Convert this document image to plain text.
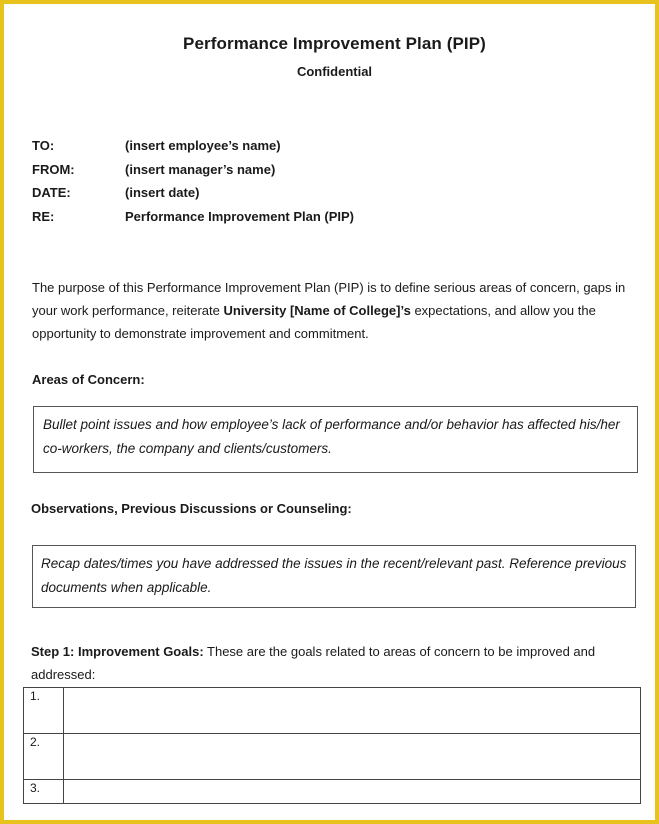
Performance Improvement Plan (PIP)
Confidential
TO:	(insert employee’s name)
FROM:	(insert manager’s name)
DATE:	(insert date)
RE:	Performance Improvement Plan (PIP)
The purpose of this Performance Improvement Plan (PIP) is to define serious areas of concern, gaps in your work performance, reiterate University [Name of College]’s expectations, and allow you the opportunity to demonstrate improvement and commitment.
Areas of Concern:
Bullet point issues and how employee’s lack of performance and/or behavior has affected his/her co-workers, the company and clients/customers.
Observations, Previous Discussions or Counseling:
Recap dates/times you have addressed the issues in the recent/relevant past. Reference previous documents when applicable.
Step 1: Improvement Goals: These are the goals related to areas of concern to be improved and addressed:
1.	
2.	
3.	
